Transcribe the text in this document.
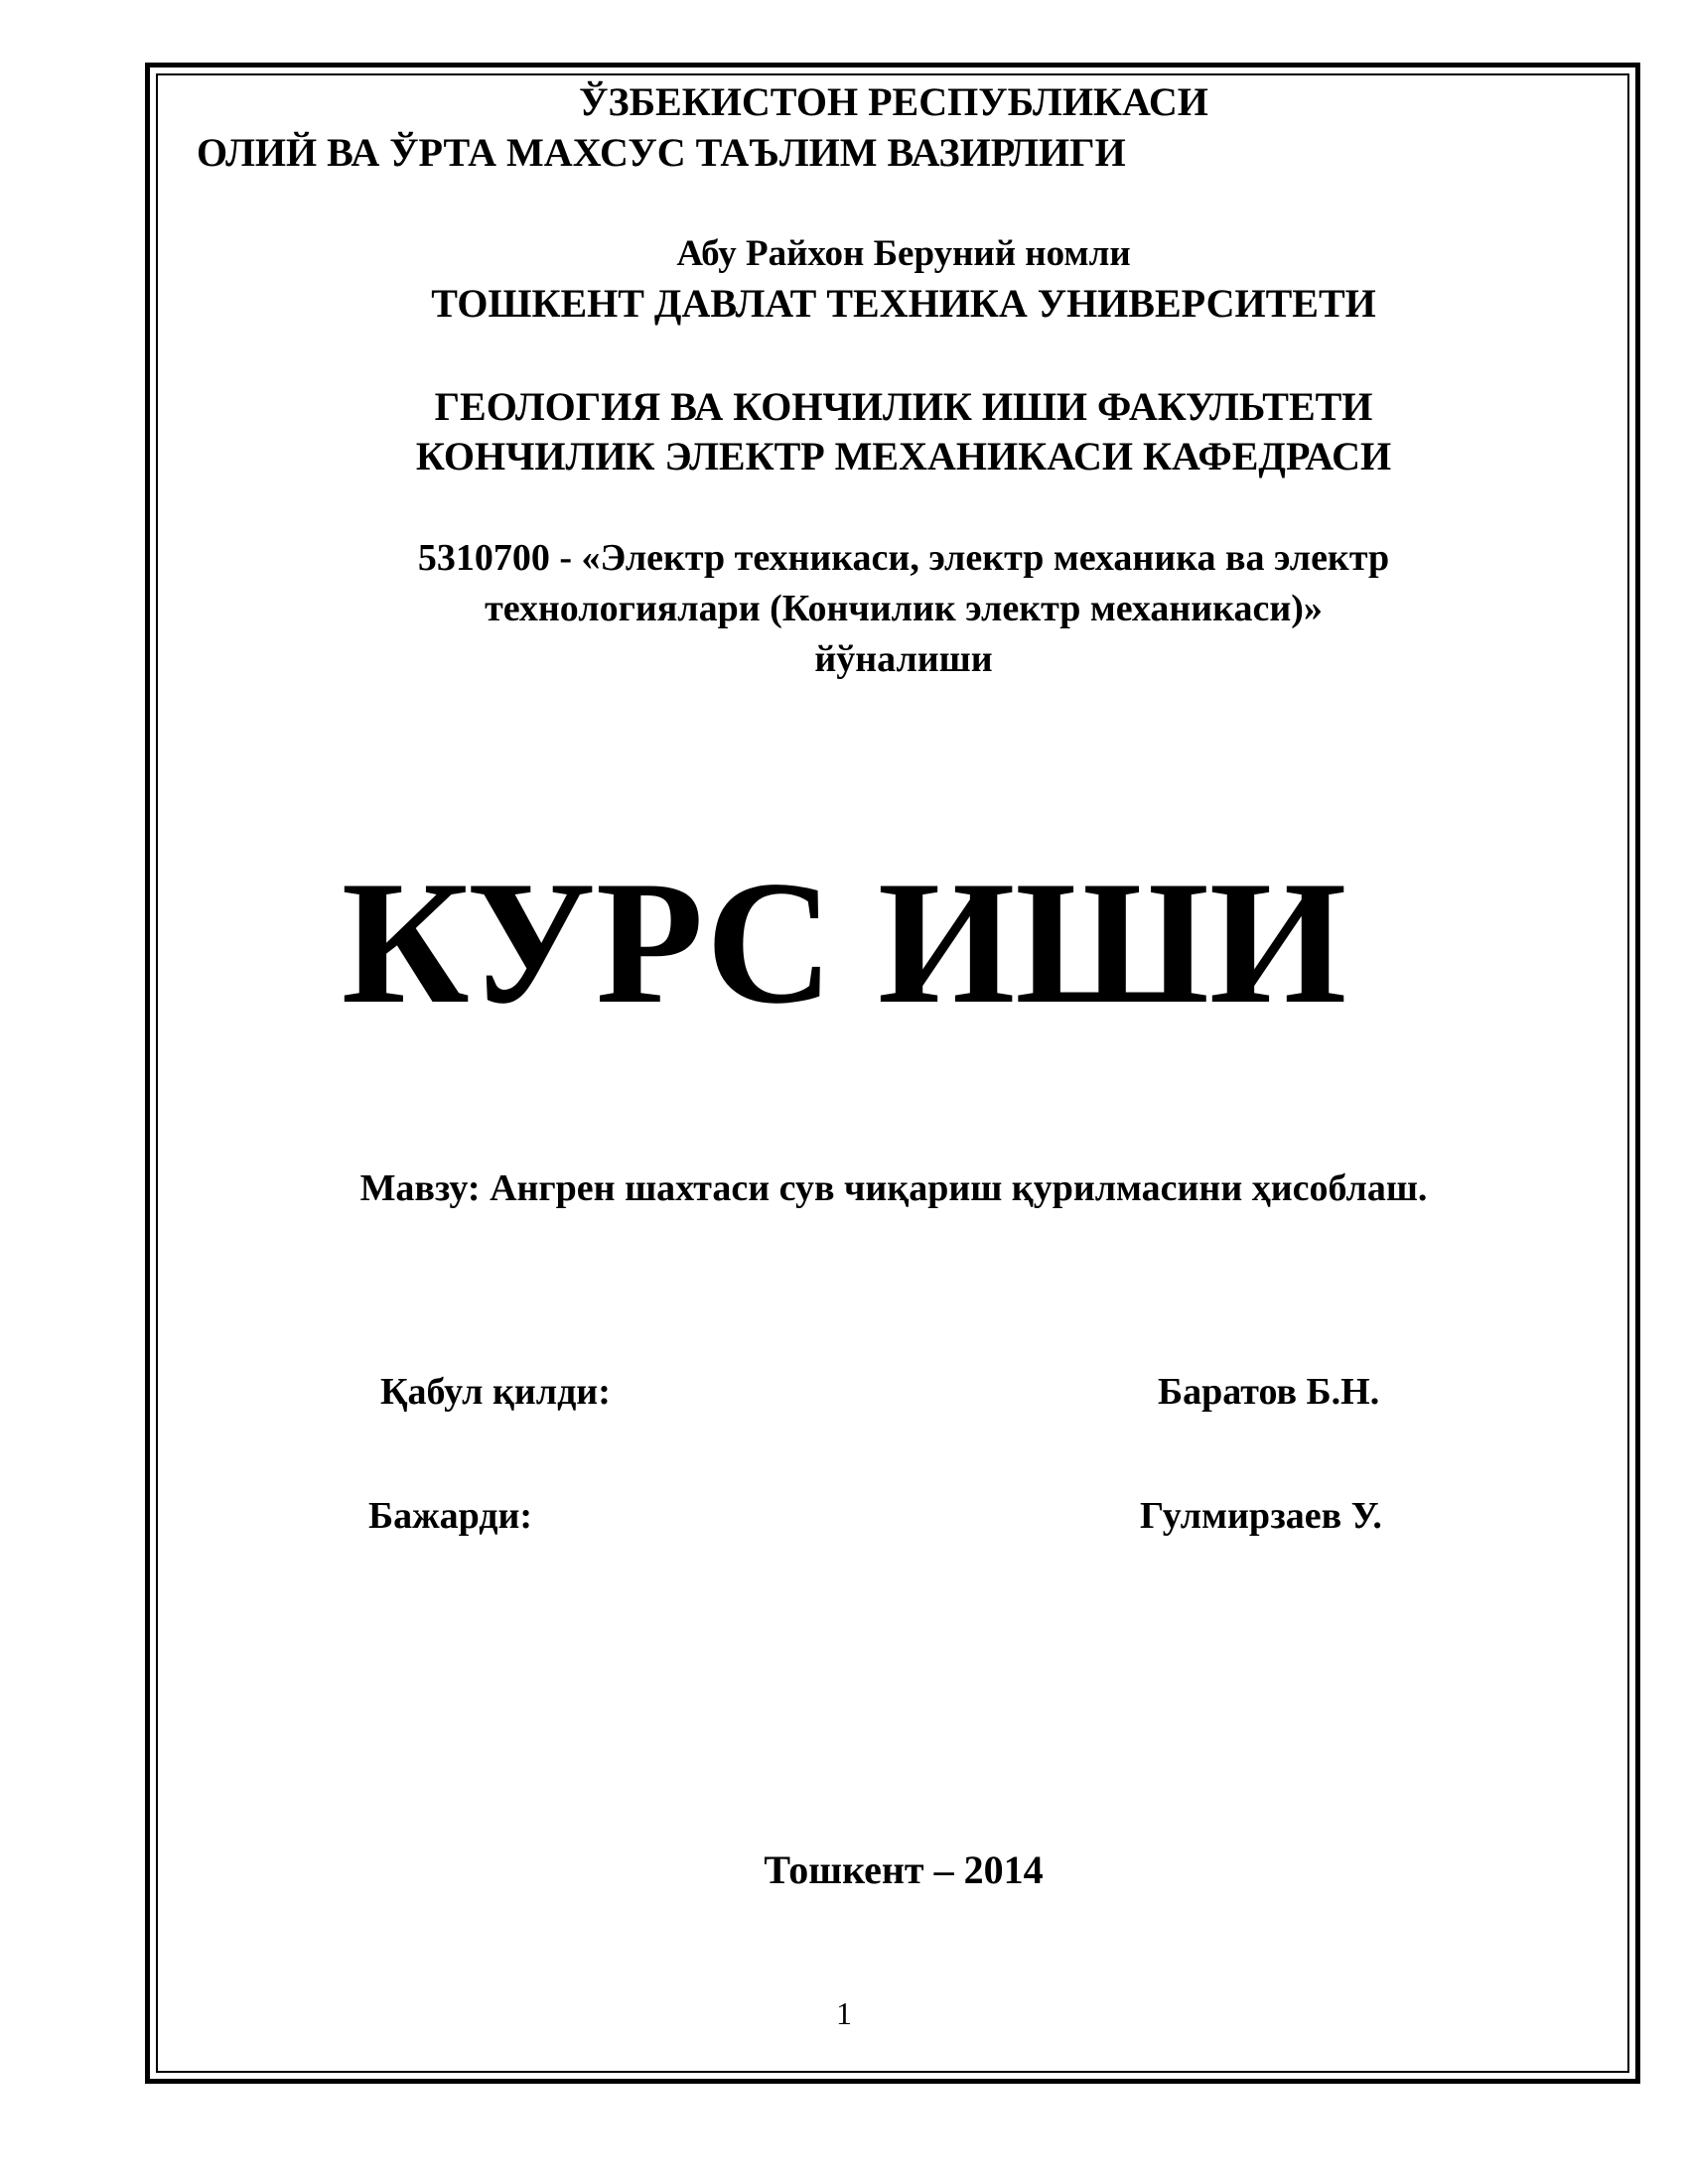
ЎЗБЕКИСТОН РЕСПУБЛИКАСИ
ОЛИЙ ВА ЎРТА МАХСУС ТАЪЛИМ ВАЗИРЛИГИ
Абу Райхон Беруний номли
ТОШКЕНТ ДАВЛАТ ТЕХНИКА УНИВЕРСИТЕТИ
ГЕОЛОГИЯ ВА КОНЧИЛИК ИШИ ФАКУЛЬТЕТИ
КОНЧИЛИК ЭЛЕКТР МЕХАНИКАСИ КАФЕДРАСИ
5310700 - «Электр техникаси, электр механика ва электр
технологиялари (Кончилик электр механикаси)»
йўналиши
КУРС ИШИ
Мавзу: Ангрен шахтаси сув чиқариш қурилмасини ҳисоблаш.
Қабул қилди:	Баратов Б.Н.
Бажарди:	Гулмирзаев У.
Тошкент – 2014
1
